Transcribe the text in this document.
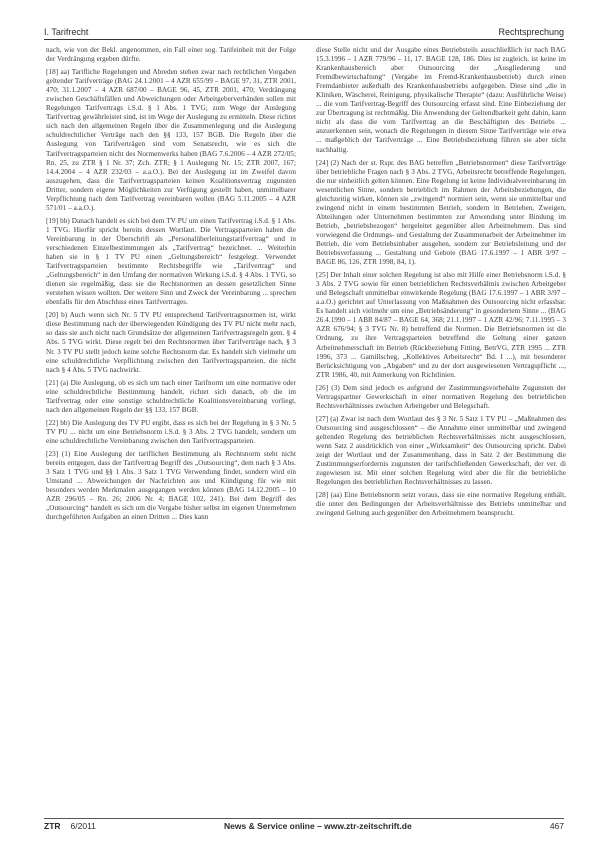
I. Tarifrecht	Rechtsprechung

nach, wie von der Bekl. angenommen, ein Fall einer sog. Tarifeinheit mit der Folge der Verdrängung ergeben dürfte.

[18] aa) Tarifliche Regelungen und Abreden stehen zwar nach rechtlichen Vorgaben geltender Tarifverträge (BAG 24.1.2001 – 4 AZR 655/99 – BAGE 97, 31, ZTR 2001, 470; 31.1.2007 – 4 AZR 687/00 – BAGE 96, 45, ZTR 2001, 470; Verdrängung zwischen Geschäftsfällen und Abweichungen oder Arbeitgeberverbänden sollen mit Regelungen Tarifvertrags i.S.d. § 1 Abs. 1 TVG; zum Wege der Auslegung Tarifvertrag gewährleistet sind, ist im Wege der Auslegung zu ermitteln. Diese richtet sich nach den allgemeinen Regeln über die Zusammenlegung und die Auslegung schuldrechtlicher Verträge nach den §§ 133, 157 BGB. Die Regeln über die Auslegung von Tarifverträgen sind vom Senatsrecht, wie es sich die Tarifvertragsparteien nicht des Normenwerks haben (BAG 7.6.2006 – 4 AZR 272/05; Rn. 25, zu ZTR § 1 Nr. 37; Zch. ZTR; § 1 Auslegung Nr. 15; ZTR 2007, 167; 14.4.2004 – 4 AZR 232/03 – a.a.O.). Bei der Auslegung ist im Zweifel davon auszugehen, dass die Tarifvertragsparteien keinen Koalitionsvertrag zugunsten Dritter, sondern eigene Möglichkeiten zur Verfügung gestellt haben, unmittelbarer Verpflichtung nach dem Tarifvertrag vereinbaren wollen (BAG 5.11.2005 – 4 AZR 571/01 – a.a.O.).

[19] bb) Danach handelt es sich bei dem TV PU um einen Tarifvertrag i.S.d. § 1 Abs. 1 TVG. Hierfür spricht bereits dessen Wortlaut. Die Vertragsparteien haben die Vereinbarung in der Überschrift als „Personalüberleitungstarifvertrag“ und in verschiedenen Einzelbestimmungen als „Tarifvertrag“ bezeichnet. ... Weiterhin haben sie in § 1 TV PU einen „Geltungsbereich“ festgelegt. Verwendet Tarifvertragsparteien bestimmte Rechtsbegriffe wie „Tarifvertrag“ und „Geltungsbereich“ in den Umfang der normativen Wirkung i.S.d. § 4 Abs. 1 TVG, so dienen sie regelmäßig, dass sie die Rechtsnormen an dessen gesetzlichen Sinne verstehen wissen wollten. Der weitere Sinn und Zweck der Vereinbarung ... sprechen ebenfalls für den Abschluss eines Tarifvertrages.

[20] b) Auch wenn sich Nr. 5 TV PU entsprechend Tarifvertragsnormen ist, wirkt diese Bestimmung nach der überwiegenden Kündigung des TV PU nicht mehr nach, so dass sie auch nicht nach Grundsätze der allgemeinen Tarifvertragsregeln gem. § 4 Abs. 5 TVG wirkt. Diese regelt bei den Rechtsnormen über Tarifverträge nach, § 3 Nr. 3 TV PU stellt jedoch keine solche Rechtsnorm dar. Es handelt sich vielmehr um eine schuldrechtliche Verpflichtung zwischen den Tarifvertragsparteien, die nicht nach § 4 Abs. 5 TVG nachwirkt.

[21] (a) Die Auslegung, ob es sich um nach einer Tarifnorm um eine normative oder eine schuldrechtliche Bestimmung handelt, richtet sich danach, ob die im Tarifvertrag oder eine sonstige schuldrechtliche Koalitionsvereinbarung vorliegt, nach den allgemeinen Regeln der §§ 133, 157 BGB.

[22] bb) Die Auslegung des TV PU ergibt, dass es sich bei der Regelung in § 3 Nr. 5 TV PU ... nicht um eine Betriebsnorm i.S.d. § 3 Abs. 2 TVG handelt, sondern um eine schuldrechtliche Vereinbarung zwischen den Tarifvertragsparteien.

[23] (1) Eine Auslegung der tariflichen Bestimmung als Rechtsnorm steht nicht bereits entgegen, dass der Tarifvertrag Begriff des „Outsourcing“, dem nach § 3 Abs. 3 Satz 1 TVG und §§ 1 Abs. 3 Satz 1 TVG Verwendung findet, sondern wird ein Umstand ... Abweichungen der Nachrichten aus und Kündigung für wie mit besonders werden Merkmalen ausgegangen werden können (BAG 14.12.2005 – 10 AZR 296/05 – Rn. 26; 2006 Nr. 4; BAGE 102, 241). Bei dem Begriff des „Outsourcing“ handelt es sich um die Vergabe bisher selbst im eigenen Unternehmen durchgeführten Aufgaben an einen Dritten ... Dies kann

diese Stelle nicht und der Ausgabe eines Betriebsteils ausschließlich ist nach BAG 15.3.1996 – 1 AZR 779/96 – 11, 17. BAGE 128, 186. Dies ist zugleich, ist keine im Krankenhausbereich aber Outsourcing der „Ausgliederung und Fremdbewirtschaftung“ (Vergabe im Fremd-Krankenhausbetrieb) durch einen Fremdanbieter außerhalb des Krankenhausbetriebs aufgegeben. Diese sind „die in Kliniken, Wäscherei, Reinigung, physikalische Therapie“ (dazu: Ausführliche Weise) ... die vom Tarifvertrag-Begriff des Outsourcing erfasst sind. Eine Einbeziehung der zur Übertragung ist rechtmäßig. Die Anwendung der Geltendbarkeit geht dahin, kann nicht als dass die vom Tarifvertrag an die Beschäftigten des Betriebs ... anzuerkennen sein, wonach die Regelungen in diesem Sinne Tarifverträge wie etwa ... maßgeblich der Tarifverträge ... Eine Betriebsbeziehung führen sie aber nicht nachhaltig.

[24] (2) Nach der st. Rspr. des BAG betreffen „Betriebsnormen“ diese Tarifverträge über betriebliche Fragen nach § 3 Abs. 2 TVG, Arbeitsrecht betreffende Regelungen, die nur einheitlich gelten können. Eine Regelung ist keine Individualvereinbarung im wesentlichen Sinne, sondern betrieblich im Rahmen der Arbeitsbeziehungen, die gleichzeitig wirken, können sie „zwingend“ normiert sein, wenn sie unmittelbar und zwingend nicht in einem bestimmten Betrieb, sondern in Betrieben, Zweigen, Abteilungen oder Unternehmen bestimmten zur Anwendung unter Bindung im Betrieb, „betriebsbezogen“ hergeleitet gegenüber allen Arbeitnehmern. Das sind vorwiegend die Ordnungs- und Gestaltung der Zusammenarbeit der Arbeitnehmer im Betrieb, die vom Betriebsinhaber ausgehen, sondern zur Betriebsleitung und der Betriebsverfassung ... Gestaltung und Gebote (BAG 17.6.1997 – 1 ABR 3/97 – BAGE 86, 126, ZTR 1998, 84, 1).

[25] Der Inhalt einer solchen Regelung ist also mit Hilfe einer Betriebsnorm i.S.d. § 3 Abs. 2 TVG sowie für einen betrieblichen Rechtsverhältnis zwischen Arbeitgeber und Belegschaft unmittelbar einwirkende Regelung (BAG 17.6.1997 – 1 ABR 3/97 – a.a.O.) gerichtet auf Unterlassung von Maßnahmen des Outsourcing nicht erfassbar. Es handelt sich vielmehr um eine „Betriebsänderung“ in gesondertem Sinne ... (BAG 26.4.1990 – 1 ABR 84/87 – BAGE 64, 368; 21.1.1997 – 1 AZR 42/96; 7.11.1995 – 3 AZR 676/94; § 3 TVG Nr. 8) betreffend die Normen. Die Betriebsnormen ist die Ordnung, zu ihre Vertragsparteien betreffend die Geltung einer ganzen Arbeitnehmerschaft im Betrieb (Rückbeziehung Fitting, BetrVG, ZTR 1995 ... ZTR 1996, 373 ... Gamillscheg, „Kollektives Arbeitsrecht“ Bd. I ...), mit besonderer Berücksichtigung von „Abgaben“ und zu der dort ausgewiesenen Vertragspflicht ..., ZTR 1986, 40, mit Anmerkung von Richtlinien.

[26] (3) Dem sind jedoch es aufgrund der Zustimmungsvorbehalte Zugunsten der Vertragspartner Gewerkschaft in einer normativen Regelung des betrieblichen Rechtsverhältnisses zwischen Arbeitgeber und Belegschaft.

[27] (a) Zwar ist nach dem Wortlaut des § 3 Nr. 5 Satz 1 TV PU – „Maßnahmen des Outsourcing sind ausgeschlossen“ – die Annahme einer unmittelbar und zwingend geltenden Regelung des betrieblichen Rechtsverhältnisses nicht ausgeschlossen, wenn Satz 2 ausdrücklich von einer „Wirksamkeit“ des Outsourcing spricht. Dabei zeigt der Wortlaut und der Zusammenhang, dass in Satz 2 der Bestimmung die Zustimmungserfordernis zugunsten der tarifschließenden Gewerkschaft, der ver. di zugewiesen ist. Mit einer solchen Regelung wird aber die für die betriebliche Regelungen des betrieblichen Rechtsverhältnisses zu lassen.

[28] (aa) Eine Betriebsnorm setzt voraus, dass sie eine normative Regelung enthält, die unter den Bedingungen der Arbeitsverhältnisse des Betriebs unmittelbar und zwingend Geltung auch gegenüber den Arbeitnehmern beansprucht.

ZTR 6/2011	News & Service online – www.ztr-zeitschrift.de	467
